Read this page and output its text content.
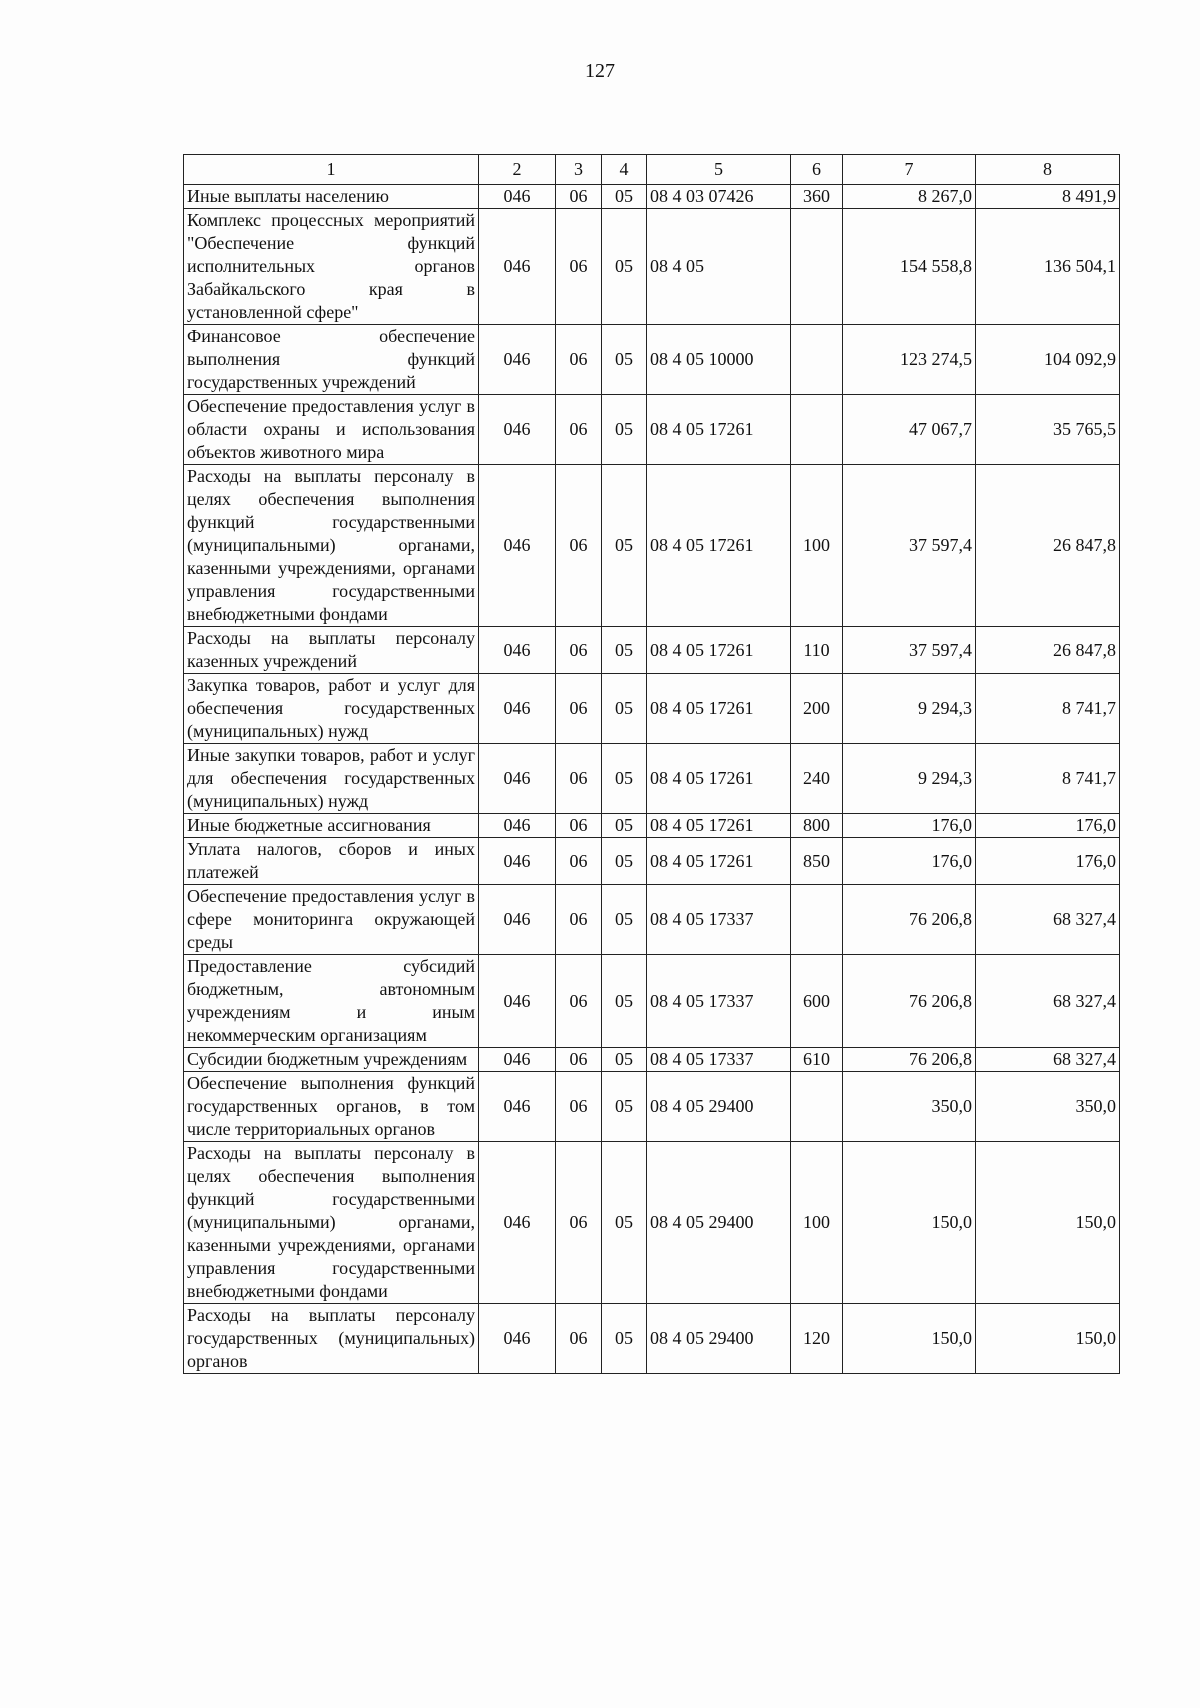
127
1	2	3	4	5	6	7	8
Иные выплаты населению	046	06	05	08 4 03 07426	360	8 267,0	8 491,9
Комплекс процессных мероприятий "Обеспечение функций исполнительных органов Забайкальского края в установленной сфере"	046	06	05	08 4 05		154 558,8	136 504,1
Финансовое обеспечение выполнения функций государственных учреждений	046	06	05	08 4 05 10000		123 274,5	104 092,9
Обеспечение предоставления услуг в области охраны и использования объектов животного мира	046	06	05	08 4 05 17261		47 067,7	35 765,5
Расходы на выплаты персоналу в целях обеспечения выполнения функций государственными (муниципальными) органами, казенными учреждениями, органами управления государственными внебюджетными фондами	046	06	05	08 4 05 17261	100	37 597,4	26 847,8
Расходы на выплаты персоналу казенных учреждений	046	06	05	08 4 05 17261	110	37 597,4	26 847,8
Закупка товаров, работ и услуг для обеспечения государственных (муниципальных) нужд	046	06	05	08 4 05 17261	200	9 294,3	8 741,7
Иные закупки товаров, работ и услуг для обеспечения государственных (муниципальных) нужд	046	06	05	08 4 05 17261	240	9 294,3	8 741,7
Иные бюджетные ассигнования	046	06	05	08 4 05 17261	800	176,0	176,0
Уплата налогов, сборов и иных платежей	046	06	05	08 4 05 17261	850	176,0	176,0
Обеспечение предоставления услуг в сфере мониторинга окружающей среды	046	06	05	08 4 05 17337		76 206,8	68 327,4
Предоставление субсидий бюджетным, автономным учреждениям и иным некоммерческим организациям	046	06	05	08 4 05 17337	600	76 206,8	68 327,4
Субсидии бюджетным учреждениям	046	06	05	08 4 05 17337	610	76 206,8	68 327,4
Обеспечение выполнения функций государственных органов, в том числе территориальных органов	046	06	05	08 4 05 29400		350,0	350,0
Расходы на выплаты персоналу в целях обеспечения выполнения функций государственными (муниципальными) органами, казенными учреждениями, органами управления государственными внебюджетными фондами	046	06	05	08 4 05 29400	100	150,0	150,0
Расходы на выплаты персоналу государственных (муниципальных) органов	046	06	05	08 4 05 29400	120	150,0	150,0
